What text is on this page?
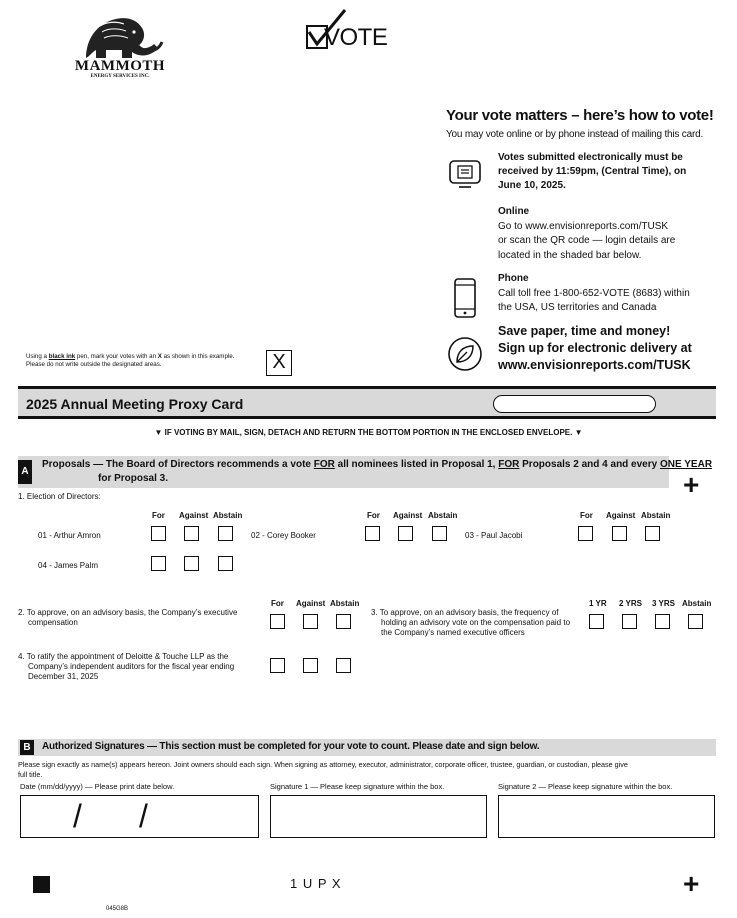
MAMMOTH
ENERGY SERVICES INC.
VOTE
Your vote matters – here’s how to vote!
You may vote online or by phone instead of mailing this card.
Votes submitted electronically must be
received by 11:59pm, (Central Time), on
June 10, 2025.
Online
Go to www.envisionreports.com/TUSK
or scan the QR code — login details are
located in the shaded bar below.
Phone
Call toll free 1-800-652-VOTE (8683) within
the USA, US territories and Canada
Save paper, time and money!
Sign up for electronic delivery at
www.envisionreports.com/TUSK
Using a black ink pen, mark your votes with an X as shown in this example.
Please do not write outside the designated areas.	X
2025 Annual Meeting Proxy Card
▼ IF VOTING BY MAIL, SIGN, DETACH AND RETURN THE BOTTOM PORTION IN THE ENCLOSED ENVELOPE. ▼
A
Proposals — The Board of Directors recommends a vote FOR all nominees listed in Proposal 1, FOR Proposals 2 and 4 and every ONE YEAR
for Proposal 3.	+
1. Election of Directors:
For Against Abstain	For Against Abstain	For Against Abstain
01 - Arthur Amron	02 - Corey Booker	03 - Paul Jacobi
04 - James Palm
For Against Abstain
2. To approve, on an advisory basis, the Company’s executive
compensation
1 YR 2 YRS 3 YRS Abstain
3. To approve, on an advisory basis, the frequency of
holding an advisory vote on the compensation paid to
the Company’s named executive officers
4. To ratify the appointment of Deloitte & Touche LLP as the
Company’s independent auditors for the fiscal year ending
December 31, 2025
B	Authorized Signatures — This section must be completed for your vote to count. Please date and sign below.
Please sign exactly as name(s) appears hereon. Joint owners should each sign. When signing as attorney, executor, administrator, corporate officer, trustee, guardian, or custodian, please give
full title.
Date (mm/dd/yyyy) — Please print date below.	Signature 1 — Please keep signature within the box.	Signature 2 — Please keep signature within the box.
/ /
1 U P X	+
045G8B
